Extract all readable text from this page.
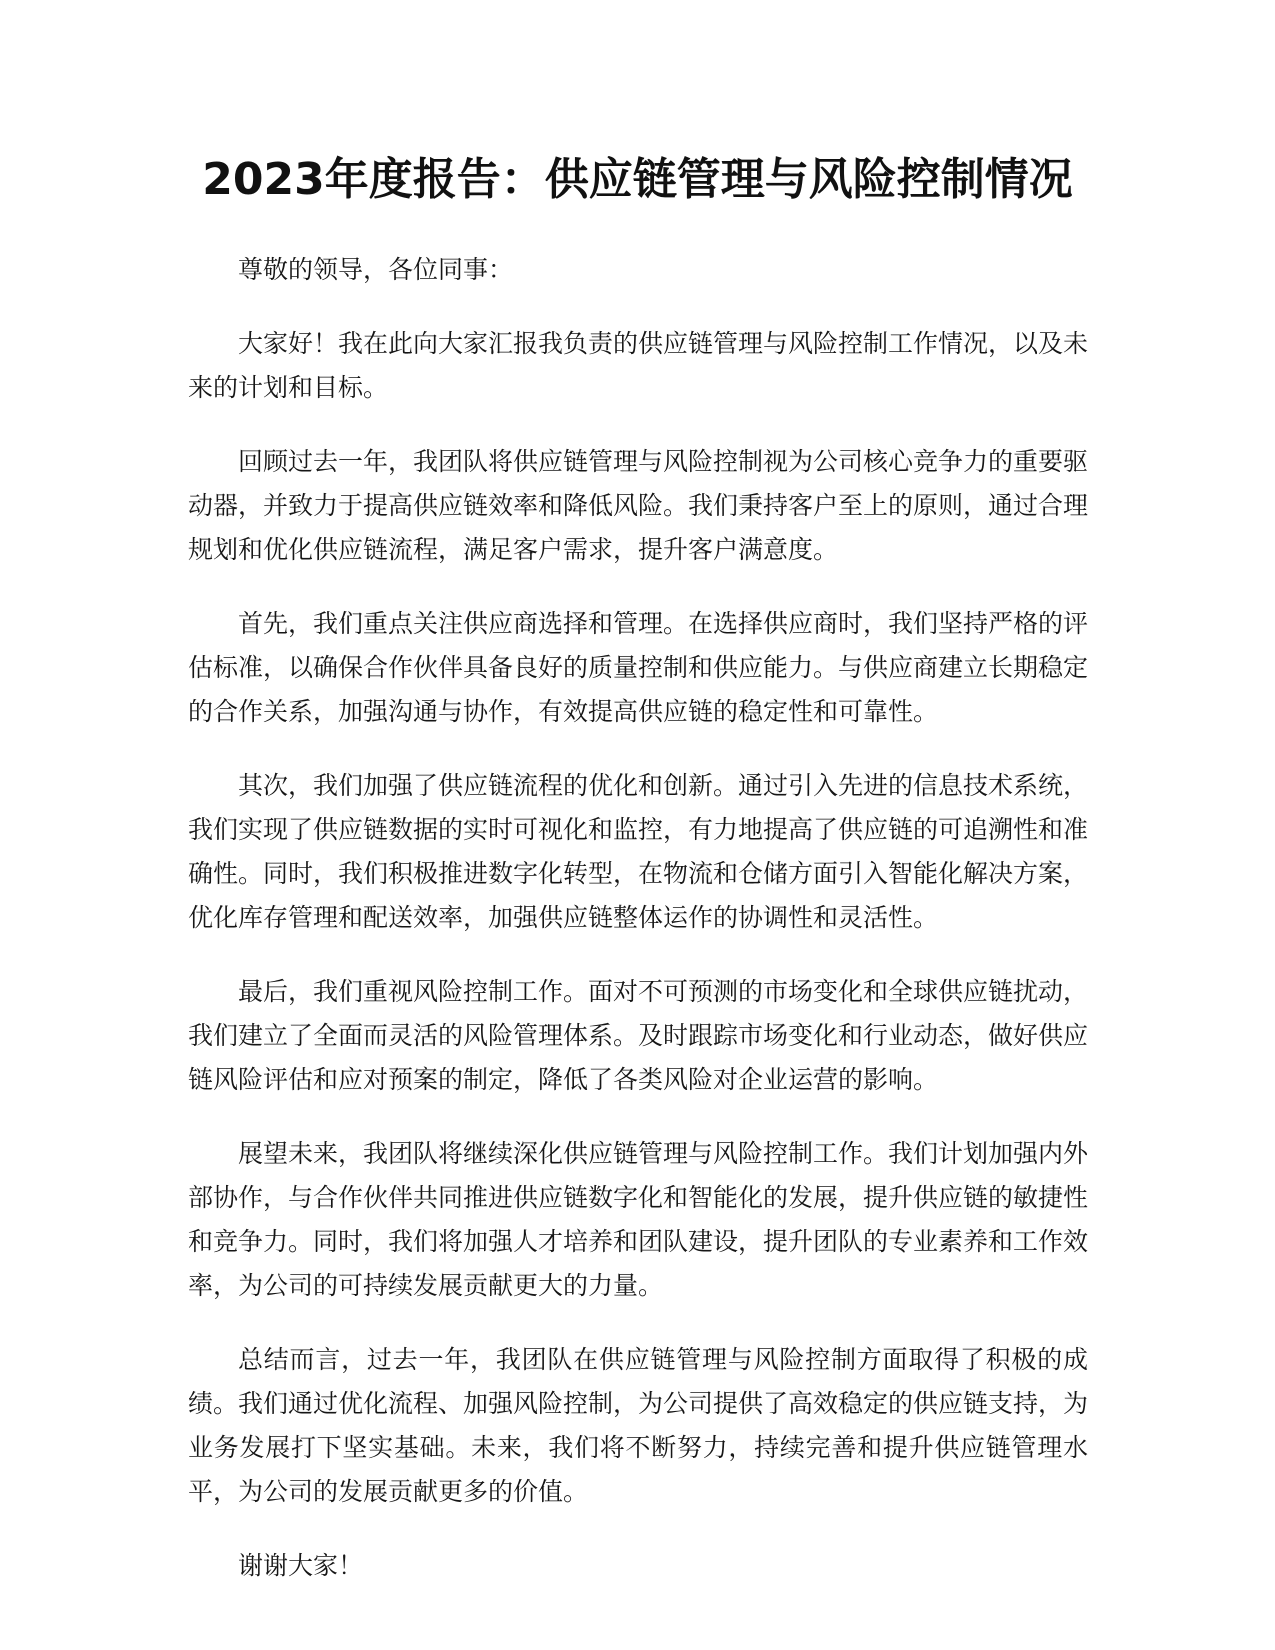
2023年度报告：供应链管理与风险控制情况

尊敬的领导，各位同事：

大家好！我在此向大家汇报我负责的供应链管理与风险控制工作情况，以及未来的计划和目标。

回顾过去一年，我团队将供应链管理与风险控制视为公司核心竞争力的重要驱动器，并致力于提高供应链效率和降低风险。我们秉持客户至上的原则，通过合理规划和优化供应链流程，满足客户需求，提升客户满意度。

首先，我们重点关注供应商选择和管理。在选择供应商时，我们坚持严格的评估标准，以确保合作伙伴具备良好的质量控制和供应能力。与供应商建立长期稳定的合作关系，加强沟通与协作，有效提高供应链的稳定性和可靠性。

其次，我们加强了供应链流程的优化和创新。通过引入先进的信息技术系统，我们实现了供应链数据的实时可视化和监控，有力地提高了供应链的可追溯性和准确性。同时，我们积极推进数字化转型，在物流和仓储方面引入智能化解决方案，优化库存管理和配送效率，加强供应链整体运作的协调性和灵活性。

最后，我们重视风险控制工作。面对不可预测的市场变化和全球供应链扰动，我们建立了全面而灵活的风险管理体系。及时跟踪市场变化和行业动态，做好供应链风险评估和应对预案的制定，降低了各类风险对企业运营的影响。

展望未来，我团队将继续深化供应链管理与风险控制工作。我们计划加强内外部协作，与合作伙伴共同推进供应链数字化和智能化的发展，提升供应链的敏捷性和竞争力。同时，我们将加强人才培养和团队建设，提升团队的专业素养和工作效率，为公司的可持续发展贡献更大的力量。

总结而言，过去一年，我团队在供应链管理与风险控制方面取得了积极的成绩。我们通过优化流程、加强风险控制，为公司提供了高效稳定的供应链支持，为业务发展打下坚实基础。未来，我们将不断努力，持续完善和提升供应链管理水平，为公司的发展贡献更多的价值。

谢谢大家！
